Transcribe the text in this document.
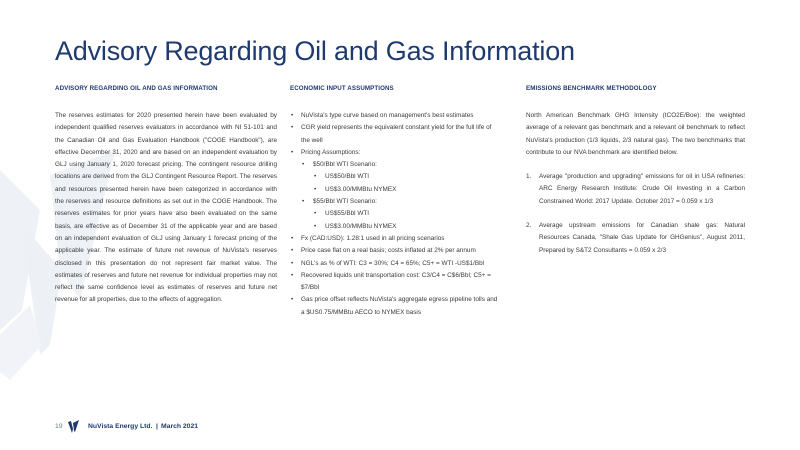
Advisory Regarding Oil and Gas Information
ADVISORY REGARDING OIL AND GAS INFORMATION

The reserves estimates for 2020 presented herein have been evaluated by independent qualified reserves evaluators in accordance with NI 51-101 and the Canadian Oil and Gas Evaluation Handbook ("COGE Handbook"), are effective December 31, 2020 and are based on an independent evaluation by GLJ using January 1, 2020 forecast pricing. The contingent resource drilling locations are derived from the GLJ Contingent Resource Report. The reserves and resources presented herein have been categorized in accordance with the reserves and resource definitions as set out in the COGE Handbook. The reserves estimates for prior years have also been evaluated on the same basis, are effective as of December 31 of the applicable year and are based on an independent evaluation of GLJ using January 1 forecast pricing of the applicable year. The estimate of future net revenue of NuVista's reserves disclosed in this presentation do not represent fair market value. The estimates of reserves and future net revenue for individual properties may not reflect the same confidence level as estimates of reserves and future net revenue for all properties, due to the effects of aggregation.

ECONOMIC INPUT ASSUMPTIONS
• NuVista's type curve based on management's best estimates
• CGR yield represents the equivalent constant yield for the full life of the well
• Pricing Assumptions:
• $50/Bbl WTI Scenario:
• US$50/Bbl WTI
• US$3.00/MMBtu NYMEX
• $55/Bbl WTI Scenario:
• US$55/Bbl WTI
• US$3.00/MMBtu NYMEX
• Fx (CAD:USD): 1.28:1 used in all pricing scenarios
• Price case flat on a real basis; costs inflated at 2% per annum
• NGL's as % of WTI: C3 = 30%; C4 = 65%; C5+ = WTI -US$1/Bbl
• Recovered liquids unit transportation cost: C3/C4 = C$6/Bbl; C5+ = $7/Bbl
• Gas price offset reflects NuVista's aggregate egress pipeline tolls and a $US0.75/MMBtu AECO to NYMEX basis
EMISSIONS BENCHMARK METHODOLOGY

North American Benchmark GHG Intensity (tCO2E/Boe): the weighted average of a relevant gas benchmark and a relevant oil benchmark to reflect NuVista's production (1/3 liquids, 2/3 natural gas). The two benchmarks that contribute to our NVA benchmark are identified below.

1. Average "production and upgrading" emissions for oil in USA refineries: ARC Energy Research Institute: Crude Oil Investing in a Carbon Constrained World: 2017 Update. October 2017 = 0.059 x 1/3
2. Average upstream emissions for Canadian shale gas: Natural Resources Canada, "Shale Gas Update for GHGenius", August 2011, Prepared by S&T2 Consultants = 0.059 x 2/3
19	NuVista Energy Ltd. | March 2021
